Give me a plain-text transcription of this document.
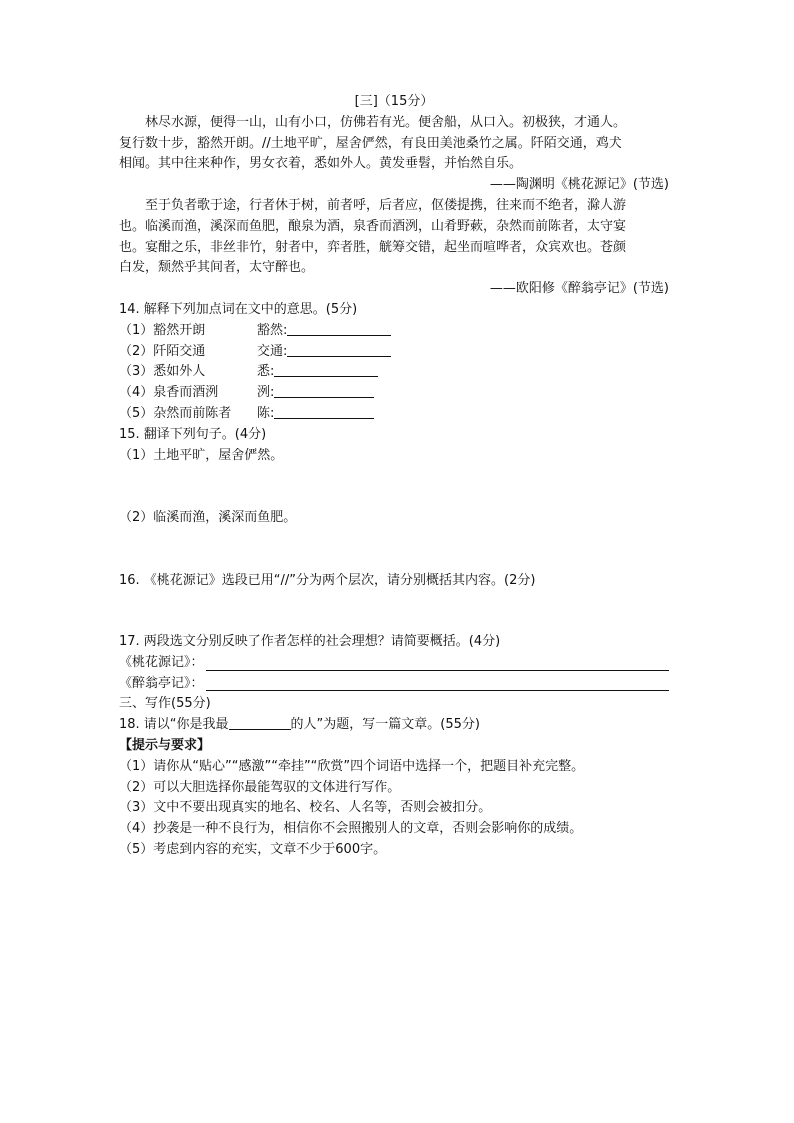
[三]（15分）
林尽水源，便得一山，山有小口，仿佛若有光。便舍船，从口入。初极狭，才通人。
复行数十步，豁然开朗。//土地平旷，屋舍俨然，有良田美池桑竹之属。阡陌交通，鸡犬
相闻。其中往来种作，男女衣着，悉如外人。黄发垂髫，并怡然自乐。
——陶渊明《桃花源记》(节选)
至于负者歌于途，行者休于树，前者呼，后者应，伛偻提携，往来而不绝者，滁人游
也。临溪而渔，溪深而鱼肥，酿泉为酒，泉香而酒洌，山肴野蔌，杂然而前陈者，太守宴
也。宴酣之乐，非丝非竹，射者中，弈者胜，觥筹交错，起坐而喧哗者，众宾欢也。苍颜
白发，颓然乎其间者，太守醉也。
——欧阳修《醉翁亭记》(节选)
14. 解释下列加点词在文中的意思。(5分)
（1）豁然开朗	豁然:
（2）阡陌交通	交通:
（3）悉如外人	悉:
（4）泉香而酒洌	洌:
（5）杂然而前陈者	陈:
15. 翻译下列句子。(4分)
（1）土地平旷，屋舍俨然。
（2）临溪而渔，溪深而鱼肥。
16. 《桃花源记》选段已用“//”分为两个层次，请分别概括其内容。(2分)
17. 两段选文分别反映了作者怎样的社会理想？请简要概括。(4分)
《桃花源记》：
《醉翁亭记》：
三、写作(55分)
18. 请以“你是我最	的人”为题，写一篇文章。(55分)
【提示与要求】
（1）请你从“贴心”“感激”“牵挂”“欣赏”四个词语中选择一个，把题目补充完整。
（2）可以大胆选择你最能驾驭的文体进行写作。
（3）文中不要出现真实的地名、校名、人名等，否则会被扣分。
（4）抄袭是一种不良行为，相信你不会照搬别人的文章，否则会影响你的成绩。
（5）考虑到内容的充实，文章不少于600字。
